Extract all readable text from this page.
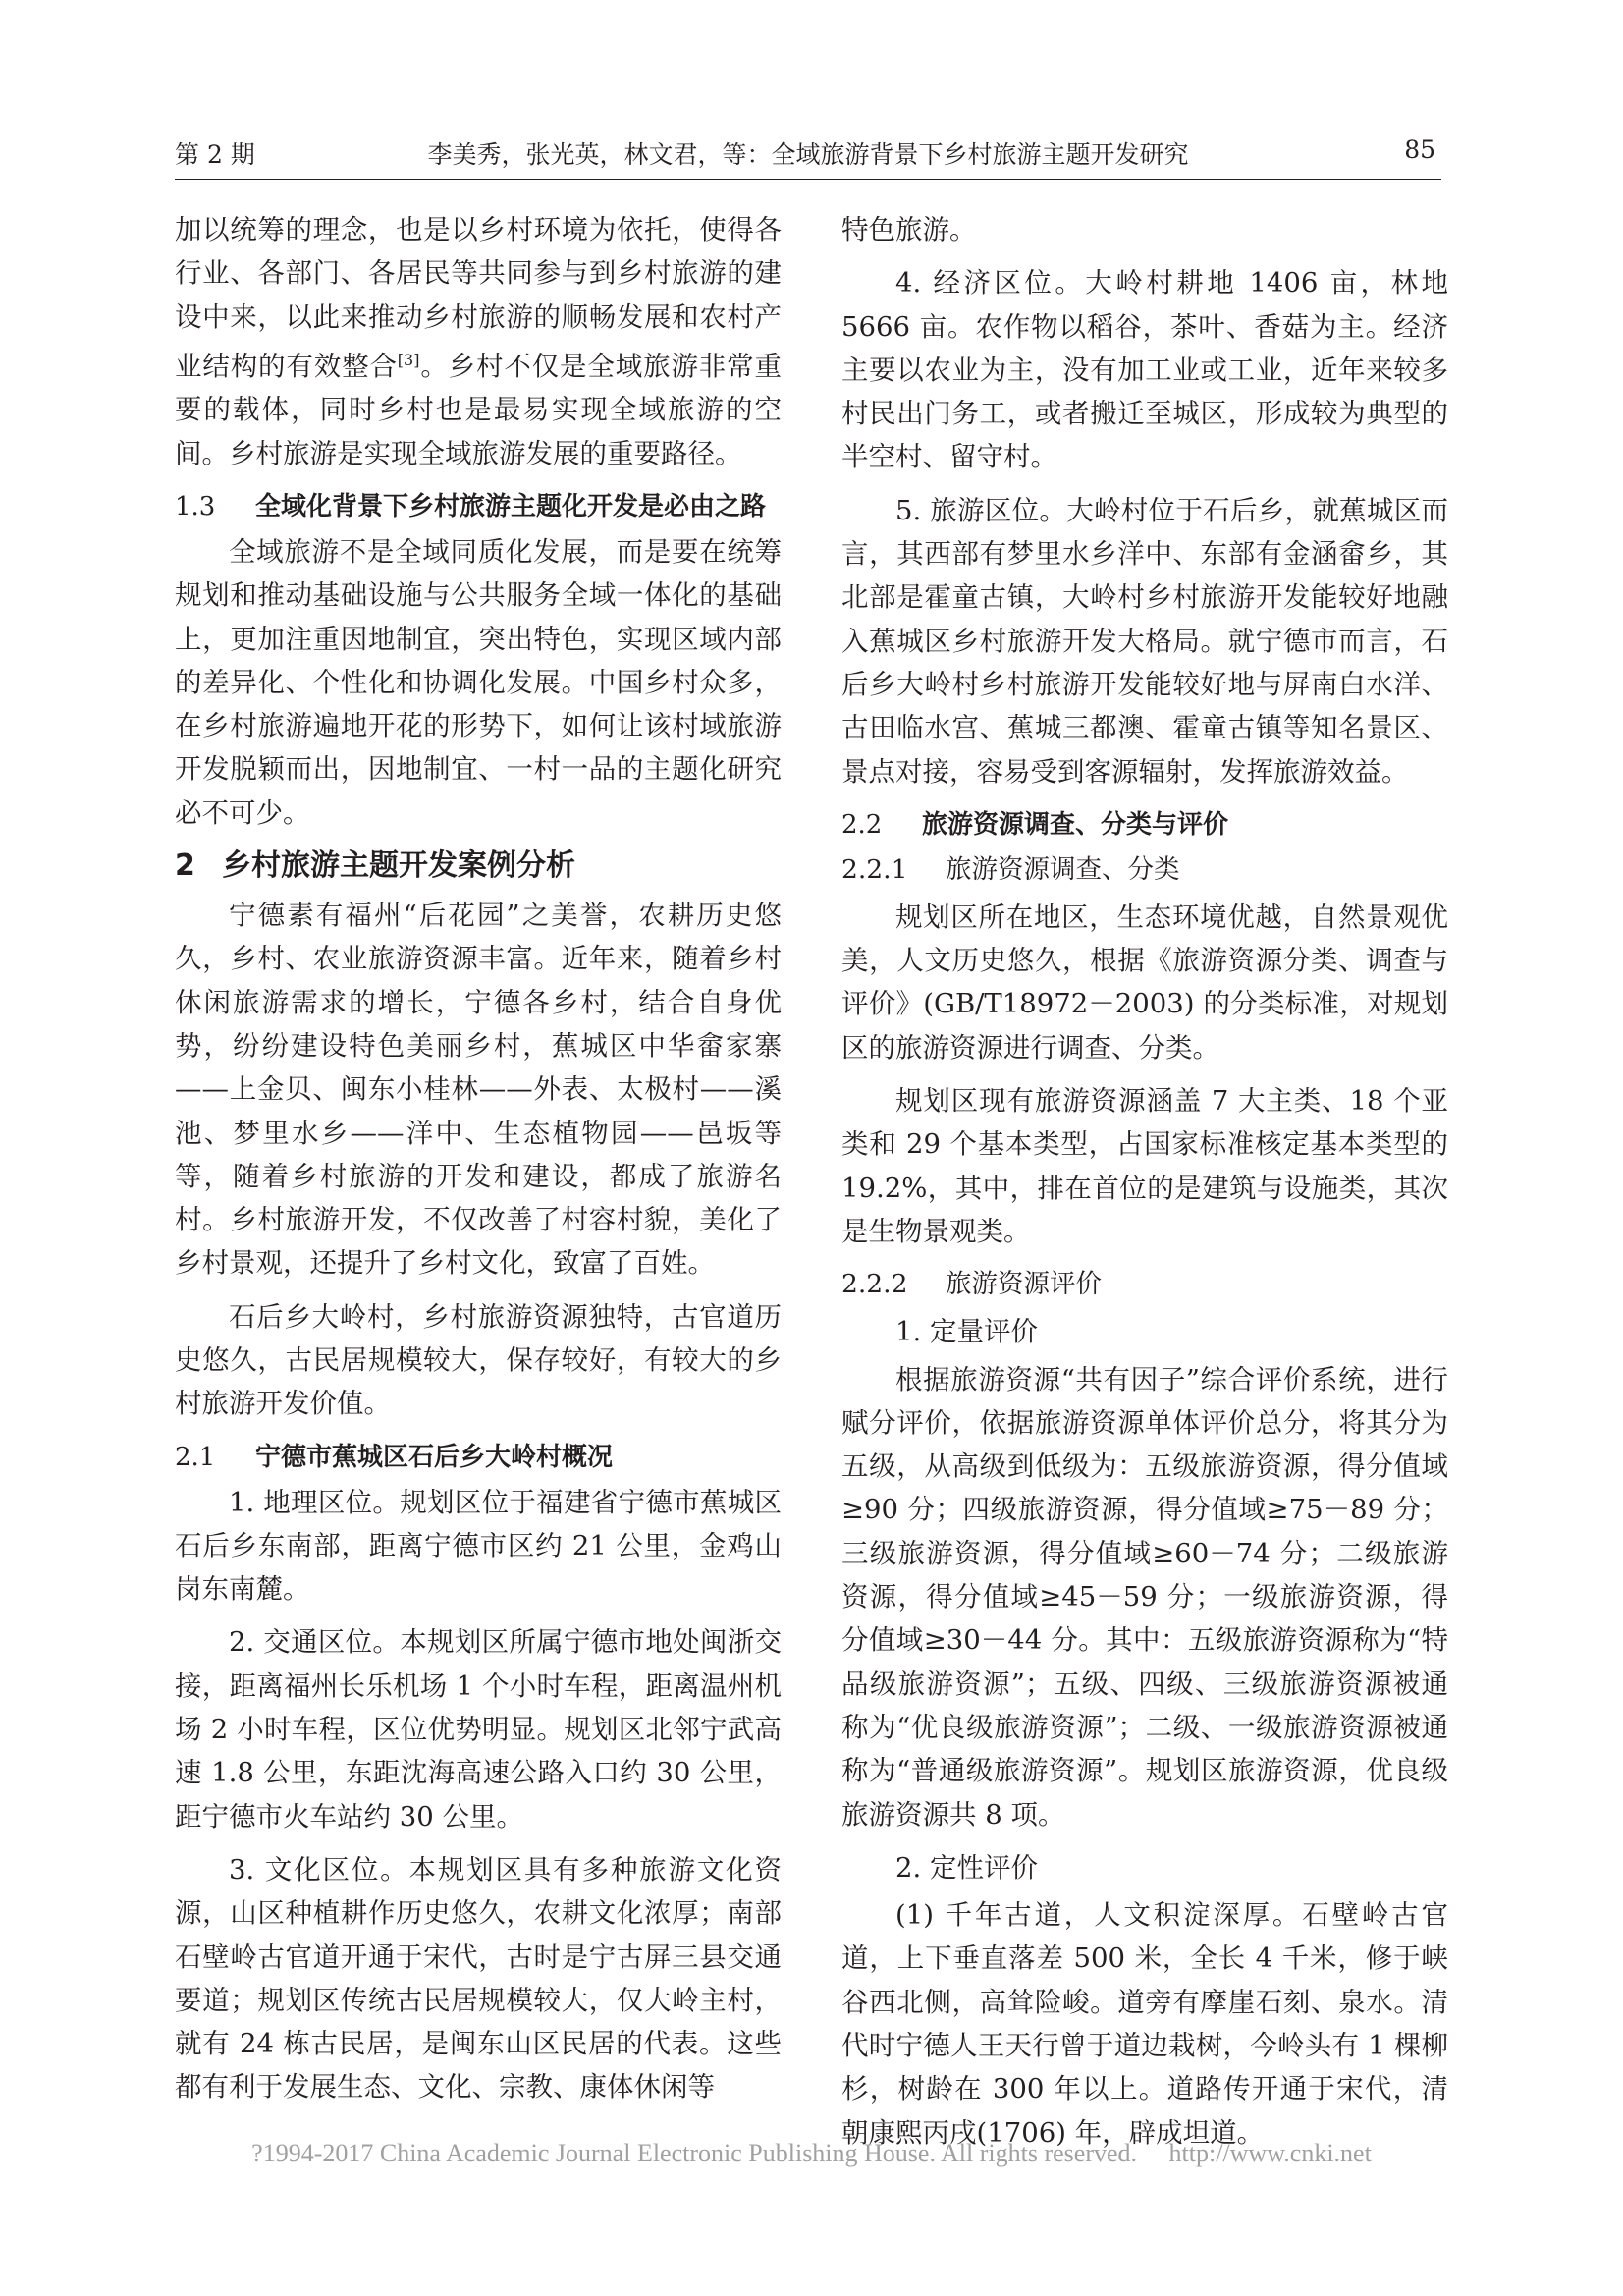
第 2 期	李美秀，张光英，林文君，等：全域旅游背景下乡村旅游主题开发研究	85

加以统筹的理念，也是以乡村环境为依托，使得各行业、各部门、各居民等共同参与到乡村旅游的建设中来，以此来推动乡村旅游的顺畅发展和农村产业结构的有效整合[3]。乡村不仅是全域旅游非常重要的载体，同时乡村也是最易实现全域旅游的空间。乡村旅游是实现全域旅游发展的重要路径。

1.3	全域化背景下乡村旅游主题化开发是必由之路

全域旅游不是全域同质化发展，而是要在统筹规划和推动基础设施与公共服务全域一体化的基础上，更加注重因地制宜，突出特色，实现区域内部的差异化、个性化和协调化发展。中国乡村众多，在乡村旅游遍地开花的形势下，如何让该村域旅游开发脱颖而出，因地制宜、一村一品的主题化研究必不可少。

2 乡村旅游主题开发案例分析

宁德素有福州“后花园”之美誉，农耕历史悠久，乡村、农业旅游资源丰富。近年来，随着乡村休闲旅游需求的增长，宁德各乡村，结合自身优势，纷纷建设特色美丽乡村，蕉城区中华畲家寨——上金贝、闽东小桂林——外表、太极村——溪池、梦里水乡——洋中、生态植物园——邑坂等等，随着乡村旅游的开发和建设，都成了旅游名村。乡村旅游开发，不仅改善了村容村貌，美化了乡村景观，还提升了乡村文化，致富了百姓。

石后乡大岭村，乡村旅游资源独特，古官道历史悠久，古民居规模较大，保存较好，有较大的乡村旅游开发价值。

2.1	宁德市蕉城区石后乡大岭村概况

1. 地理区位。规划区位于福建省宁德市蕉城区石后乡东南部，距离宁德市区约 21 公里，金鸡山岗东南麓。

2. 交通区位。本规划区所属宁德市地处闽浙交接，距离福州长乐机场 1 个小时车程，距离温州机场 2 小时车程，区位优势明显。规划区北邻宁武高速 1.8 公里，东距沈海高速公路入口约 30 公里，距宁德市火车站约 30 公里。

3. 文化区位。本规划区具有多种旅游文化资源，山区种植耕作历史悠久，农耕文化浓厚；南部石壁岭古官道开通于宋代，古时是宁古屏三县交通要道；规划区传统古民居规模较大，仅大岭主村，就有 24 栋古民居，是闽东山区民居的代表。这些都有利于发展生态、文化、宗教、康体休闲等

特色旅游。

4. 经济区位。大岭村耕地 1406 亩，林地 5666 亩。农作物以稻谷，茶叶、香菇为主。经济主要以农业为主，没有加工业或工业，近年来较多村民出门务工，或者搬迁至城区，形成较为典型的半空村、留守村。

5. 旅游区位。大岭村位于石后乡，就蕉城区而言，其西部有梦里水乡洋中、东部有金涵畲乡，其北部是霍童古镇，大岭村乡村旅游开发能较好地融入蕉城区乡村旅游开发大格局。就宁德市而言，石后乡大岭村乡村旅游开发能较好地与屏南白水洋、古田临水宫、蕉城三都澳、霍童古镇等知名景区、景点对接，容易受到客源辐射，发挥旅游效益。

2.2	旅游资源调查、分类与评价
2.2.1	旅游资源调查、分类

规划区所在地区，生态环境优越，自然景观优美，人文历史悠久，根据《旅游资源分类、调查与评价》(GB/T18972－2003) 的分类标准，对规划区的旅游资源进行调查、分类。

规划区现有旅游资源涵盖 7 大主类、18 个亚类和 29 个基本类型，占国家标准核定基本类型的 19.2%，其中，排在首位的是建筑与设施类，其次是生物景观类。

2.2.2	旅游资源评价

1. 定量评价

根据旅游资源“共有因子”综合评价系统，进行赋分评价，依据旅游资源单体评价总分，将其分为五级，从高级到低级为：五级旅游资源，得分值域≥90 分；四级旅游资源，得分值域≥75－89 分；三级旅游资源，得分值域≥60－74 分；二级旅游资源，得分值域≥45－59 分；一级旅游资源，得分值域≥30－44 分。其中：五级旅游资源称为“特品级旅游资源”；五级、四级、三级旅游资源被通称为“优良级旅游资源”；二级、一级旅游资源被通称为“普通级旅游资源”。规划区旅游资源，优良级旅游资源共 8 项。

2. 定性评价

(1) 千年古道，人文积淀深厚。石壁岭古官道，上下垂直落差 500 米，全长 4 千米，修于峡谷西北侧，高耸险峻。道旁有摩崖石刻、泉水。清代时宁德人王天行曾于道边栽树，今岭头有 1 棵柳杉，树龄在 300 年以上。道路传开通于宋代，清朝康熙丙戌(1706) 年，辟成坦道。

?1994-2017 China Academic Journal Electronic Publishing House. All rights reserved. http://www.cnki.net
